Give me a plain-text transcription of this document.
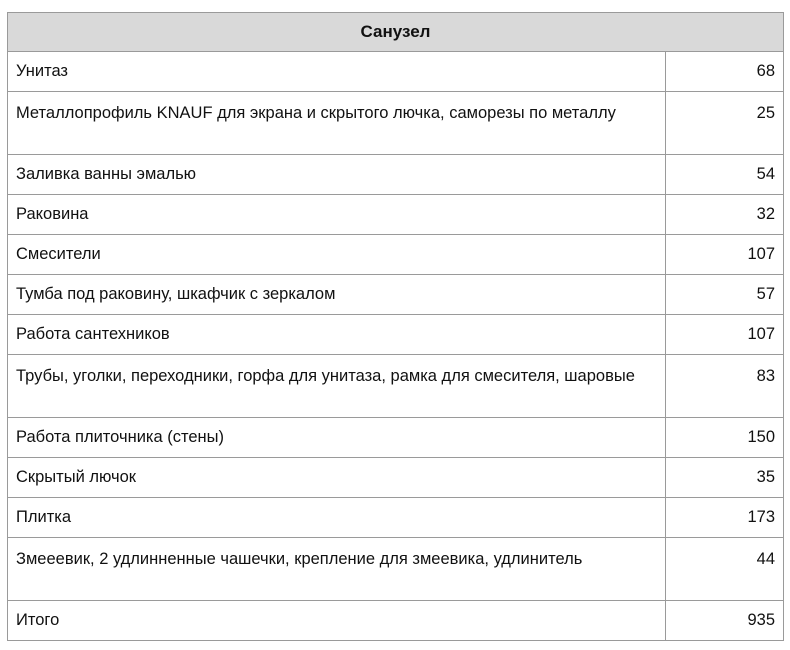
Санузел	
Унитаз	68
Металлопрофиль KNAUF для экрана и скрытого лючка, саморезы по металлу	25
Заливка ванны эмалью	54
Раковина	32
Смесители	107
Тумба под раковину, шкафчик с зеркалом	57
Работа сантехников	107
Трубы, уголки, переходники, горфа для унитаза, рамка для смесителя, шаровые	83
Работа плиточника (стены)	150
Скрытый лючок	35
Плитка	173
Змееевик, 2 удлинненные чашечки, крепление для змеевика, удлинитель	44
Итого	935
